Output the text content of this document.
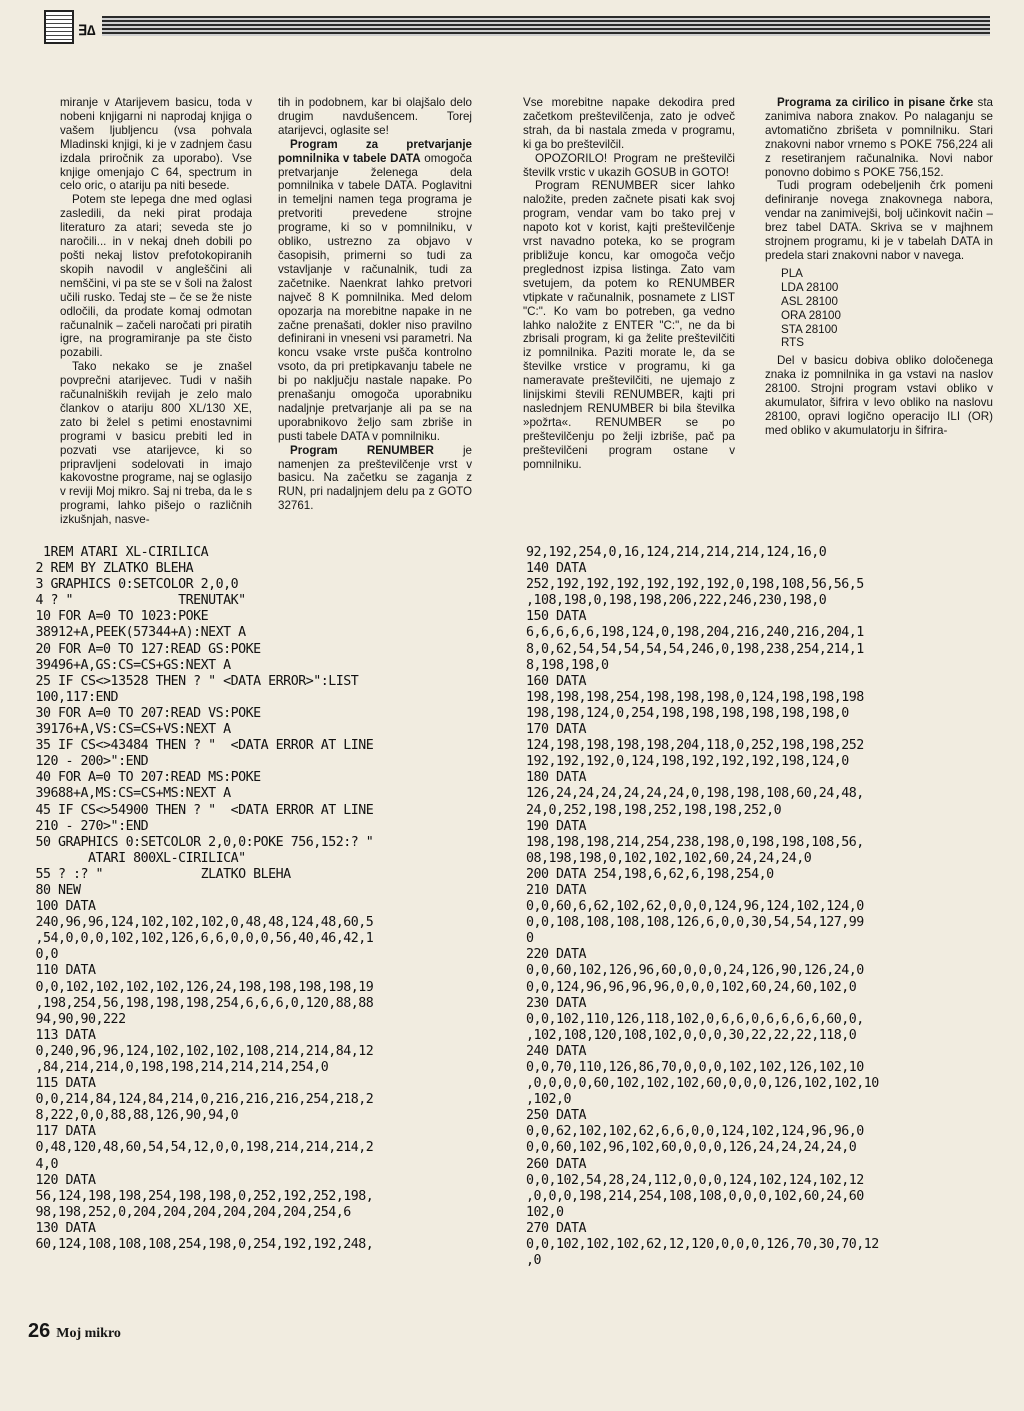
∃∆

miranje v Atarijevem basicu, toda v nobeni knjigarni ni naprodaj knjiga o vašem ljubljencu (vsa pohvala Mladinski knjigi, ki je v zadnjem času izdala priročnik za uporabo). Vse knjige omenjajo C 64, spectrum in celo oric, o atariju pa niti besede.

Potem ste lepega dne med oglasi zasledili, da neki pirat prodaja literaturo za atari; seveda ste jo naročili... in v nekaj dneh dobili po pošti nekaj listov prefotokopiranih skopih navodil v angleščini ali nemščini, vi pa ste se v šoli na žalost učili rusko. Tedaj ste – če se že niste odločili, da prodate komaj odmotan računalnik – začeli naročati pri piratih igre, na programiranje pa ste čisto pozabili.

Tako nekako se je znašel povprečni atarijevec. Tudi v naših računalniških revijah je zelo malo člankov o atariju 800 XL/130 XE, zato bi želel s petimi enostavnimi programi v basicu prebiti led in pozvati vse atarijevce, ki so pripravljeni sodelovati in imajo kakovostne programe, naj se oglasijo v reviji Moj mikro. Saj ni treba, da le s programi, lahko pišejo o različnih izkušnjah, nasve-

tih in podobnem, kar bi olajšalo delo drugim navdušencem. Torej atarijevci, oglasite se!

Program za pretvarjanje pomnilnika v tabele DATA omogoča pretvarjanje želenega dela pomnilnika v tabele DATA. Poglavitni in temeljni namen tega programa je pretvoriti prevedene strojne programe, ki so v pomnilniku, v obliko, ustrezno za objavo v časopisih, primerni so tudi za vstavljanje v računalnik, tudi za začetnike. Naenkrat lahko pretvori največ 8 K pomnilnika. Med delom opozarja na morebitne napake in ne začne prenašati, dokler niso pravilno definirani in vneseni vsi parametri. Na koncu vsake vrste pušča kontrolno vsoto, da pri pretipkavanju tabele ne bi po naključju nastale napake. Po prenašanju omogoča uporabniku nadaljnje pretvarjanje ali pa se na uporabnikovo željo sam zbriše in pusti tabele DATA v pomnilniku.

Program RENUMBER je namenjen za preštevilčenje vrst v basicu. Na začetku se zaganja z RUN, pri nadaljnjem delu pa z GOTO 32761.

Vse morebitne napake dekodira pred začetkom preštevilčenja, zato je odveč strah, da bi nastala zmeda v programu, ki ga bo preštevilčil.

OPOZORILO! Program ne preštevilči številk vrstic v ukazih GOSUB in GOTO!

Program RENUMBER sicer lahko naložite, preden začnete pisati kak svoj program, vendar vam bo tako prej v napoto kot v korist, kajti preštevilčenje vrst navadno poteka, ko se program približuje koncu, kar omogoča večjo preglednost izpisa listinga. Zato vam svetujem, da potem ko RENUMBER vtipkate v računalnik, posnamete z LIST "C:". Ko vam bo potreben, ga vedno lahko naložite z ENTER "C:", ne da bi zbrisali program, ki ga želite preštevilčiti iz pomnilnika. Paziti morate le, da se številke vrstice v programu, ki ga nameravate preštevilčiti, ne ujemajo z linijskimi števili RENUMBER, kajti pri naslednjem RENUMBER bi bila številka »požrta«. RENUMBER se po preštevilčenju po želji izbriše, pač pa preštevilčeni program ostane v pomnilniku.

Programa za cirilico in pisane črke sta zanimiva nabora znakov. Po nalaganju se avtomatično zbrišeta v pomnilniku. Stari znakovni nabor vrnemo s POKE 756,224 ali z resetiranjem računalnika. Novi nabor ponovno dobimo s POKE 756,152.

Tudi program odebeljenih črk pomeni definiranje novega znakovnega nabora, vendar na zanimivejši, bolj učinkovit način – brez tabel DATA. Skriva se v majhnem strojnem programu, ki je v tabelah DATA in predela stari znakovni nabor v navega.

PLA
LDA 28100
ASL 28100
ORA 28100
STA 28100
RTS

Del v basicu dobiva obliko določenega znaka iz pomnilnika in ga vstavi na naslov 28100. Strojni program vstavi obliko v akumulator, šifrira v levo obliko na naslovu 28100, opravi logično operacijo ILI (OR) med obliko v akumulatorju in šifrira-

1REM ATARI XL-CIRILICA
2 REM BY ZLATKO BLEHA
3 GRAPHICS 0:SETCOLOR 2,0,0
4 ? "              TRENUTAK"
10 FOR A=0 TO 1023:POKE
38912+A,PEEK(57344+A):NEXT A
20 FOR A=0 TO 127:READ GS:POKE
39496+A,GS:CS=CS+GS:NEXT A
25 IF CS<>13528 THEN ? " <DATA ERROR>":LIST
100,117:END
30 FOR A=0 TO 207:READ VS:POKE
39176+A,VS:CS=CS+VS:NEXT A
35 IF CS<>43484 THEN ? "  <DATA ERROR AT LINE
120 - 200>":END
40 FOR A=0 TO 207:READ MS:POKE
39688+A,MS:CS=CS+MS:NEXT A
45 IF CS<>54900 THEN ? "  <DATA ERROR AT LINE
210 - 270>":END
50 GRAPHICS 0:SETCOLOR 2,0,0:POKE 756,152:? "
ATARI 800XL-CIRILICA"
55 ? :? "             ZLATKO BLEHA
80 NEW
100 DATA
240,96,96,124,102,102,102,0,48,48,124,48,60,5
,54,0,0,0,102,102,126,6,6,0,0,0,56,40,46,42,1
0,0
110 DATA
0,0,102,102,102,102,126,24,198,198,198,198,19
,198,254,56,198,198,198,254,6,6,6,0,120,88,88
94,90,90,222
113 DATA
0,240,96,96,124,102,102,102,108,214,214,84,12
,84,214,214,0,198,198,214,214,214,254,0
115 DATA
0,0,214,84,124,84,214,0,216,216,216,254,218,2
8,222,0,0,88,88,126,90,94,0
117 DATA
0,48,120,48,60,54,54,12,0,0,198,214,214,214,2
4,0
120 DATA
56,124,198,198,254,198,198,0,252,192,252,198,
98,198,252,0,204,204,204,204,204,204,254,6
130 DATA
60,124,108,108,108,254,198,0,254,192,192,248,
92,192,254,0,16,124,214,214,214,124,16,0
140 DATA
252,192,192,192,192,192,192,0,198,108,56,56,5
,108,198,0,198,198,206,222,246,230,198,0
150 DATA
6,6,6,6,6,198,124,0,198,204,216,240,216,204,1
8,0,62,54,54,54,54,54,246,0,198,238,254,214,1
8,198,198,0
160 DATA
198,198,198,254,198,198,198,0,124,198,198,198
198,198,124,0,254,198,198,198,198,198,198,0
170 DATA
124,198,198,198,198,204,118,0,252,198,198,252
192,192,192,0,124,198,192,192,192,198,124,0
180 DATA
126,24,24,24,24,24,24,0,198,198,108,60,24,48,
24,0,252,198,198,252,198,198,252,0
190 DATA
198,198,198,214,254,238,198,0,198,198,108,56,
08,198,198,0,102,102,102,60,24,24,24,0
200 DATA 254,198,6,62,6,198,254,0
210 DATA
0,0,60,6,62,102,62,0,0,0,124,96,124,102,124,0
0,0,108,108,108,108,126,6,0,0,30,54,54,127,99
0
220 DATA
0,0,60,102,126,96,60,0,0,0,24,126,90,126,24,0
0,0,124,96,96,96,96,0,0,0,102,60,24,60,102,0
230 DATA
0,0,102,110,126,118,102,0,6,6,0,6,6,6,6,60,0,
,102,108,120,108,102,0,0,0,30,22,22,22,118,0
240 DATA
0,0,70,110,126,86,70,0,0,0,102,102,126,102,10
,0,0,0,0,60,102,102,102,60,0,0,0,126,102,102,10
,102,0
250 DATA
0,0,62,102,102,62,6,6,0,0,124,102,124,96,96,0
0,0,60,102,96,102,60,0,0,0,126,24,24,24,24,0
260 DATA
0,0,102,54,28,24,112,0,0,0,124,102,124,102,12
,0,0,0,198,214,254,108,108,0,0,0,102,60,24,60
102,0
270 DATA
0,0,102,102,102,62,12,120,0,0,0,126,70,30,70,12
,0
26 Moj mikro
